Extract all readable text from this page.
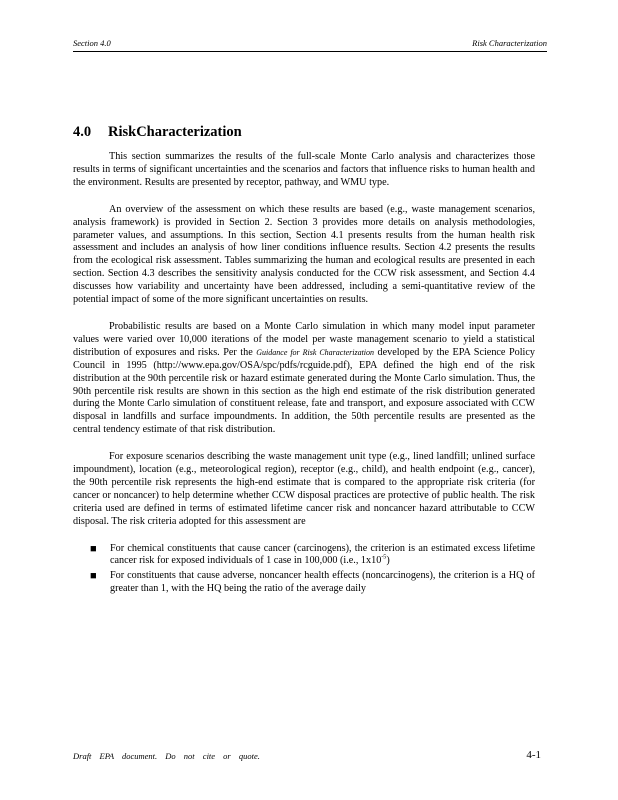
Section 4.0	Risk Characterization
4.0 RiskCharacterization

This section summarizes the results of the full-scale Monte Carlo analysis and characterizes those results in terms of significant uncertainties and the scenarios and factors that influence risks to human health and the environment. Results are presented by receptor, pathway, and WMU type.

An overview of the assessment on which these results are based (e.g., waste management scenarios, analysis framework) is provided in Section 2. Section 3 provides more details on analysis methodologies, parameter values, and assumptions. In this section, Section 4.1 presents results from the human health risk assessment and includes an analysis of how liner conditions influence results. Section 4.2 presents the results from the ecological risk assessment. Tables summarizing the human and ecological results are presented in each section. Section 4.3 describes the sensitivity analysis conducted for the CCW risk assessment, and Section 4.4 discusses how variability and uncertainty have been addressed, including a semi-quantitative review of the potential impact of some of the more significant uncertainties on results.

Probabilistic results are based on a Monte Carlo simulation in which many model input parameter values were varied over 10,000 iterations of the model per waste management scenario to yield a statistical distribution of exposures and risks. Per the Guidance for Risk Characterization developed by the EPA Science Policy Council in 1995 (http://www.epa.gov/OSA/spc/pdfs/rcguide.pdf), EPA defined the high end of the risk distribution at the 90th percentile risk or hazard estimate generated during the Monte Carlo simulation. Thus, the 90th percentile risk results are shown in this section as the high end estimate of the risk distribution generated during the Monte Carlo simulation of constituent release, fate and transport, and exposure associated with CCW disposal in landfills and surface impoundments. In addition, the 50th percentile results are presented as the central tendency estimate of that risk distribution.

For exposure scenarios describing the waste management unit type (e.g., lined landfill; unlined surface impoundment), location (e.g., meteorological region), receptor (e.g., child), and health endpoint (e.g., cancer), the 90th percentile risk represents the high-end estimate that is compared to the appropriate risk criteria (for cancer or noncancer) to help determine whether CCW disposal practices are protective of public health. The risk criteria used are defined in terms of estimated lifetime cancer risk and noncancer hazard attributable to CCW disposal. The risk criteria adopted for this assessment are

■ For chemical constituents that cause cancer (carcinogens), the criterion is an estimated excess lifetime cancer risk for exposed individuals of 1 case in 100,000 (i.e., $1x10^{-5}$)
■ For constituents that cause adverse, noncancer health effects (noncarcinogens), the criterion is a HQ of greater than 1, with the HQ being the ratio of the average daily
Draft EPA document. Do not cite or quote.	4-1
